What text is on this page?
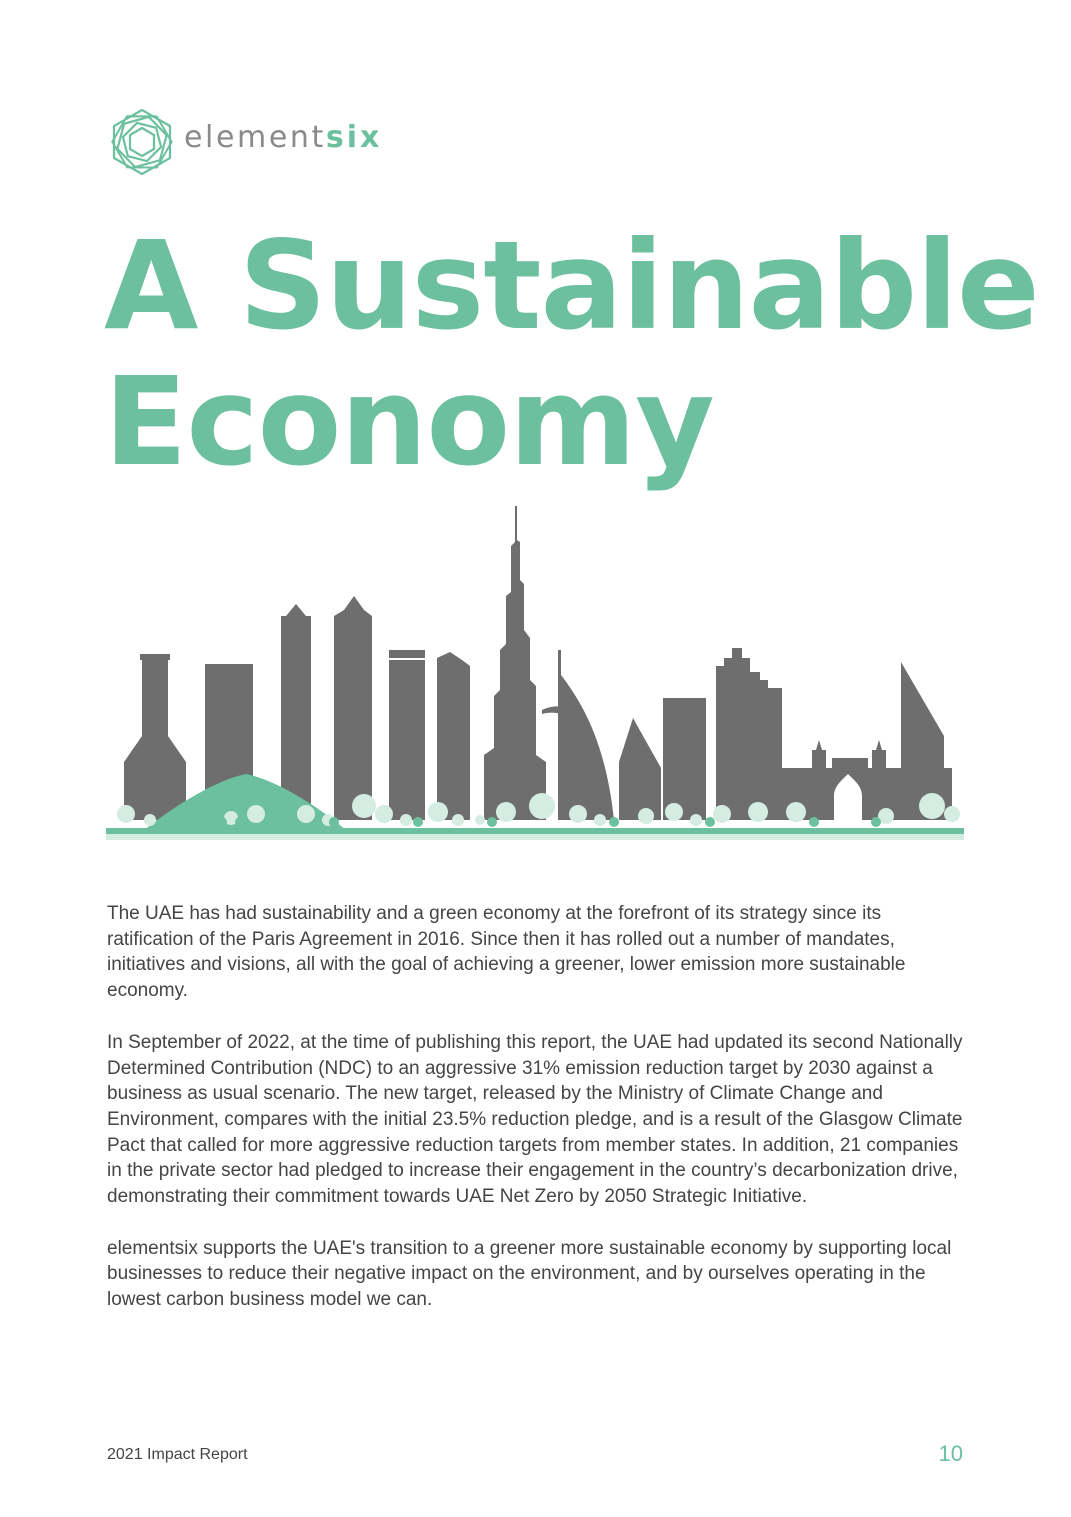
elementsix
A Sustainable
Economy

The UAE has had sustainability and a green economy at the forefront of its strategy since its ratification of the Paris Agreement in 2016. Since then it has rolled out a number of mandates, initiatives and visions, all with the goal of achieving a greener, lower emission more sustainable economy.

In September of 2022, at the time of publishing this report, the UAE had updated its second Nationally Determined Contribution (NDC) to an aggressive 31% emission reduction target by 2030 against a business as usual scenario. The new target, released by the Ministry of Climate Change and Environment, compares with the initial 23.5% reduction pledge, and is a result of the Glasgow Climate Pact that called for more aggressive reduction targets from member states. In addition, 21 companies in the private sector had pledged to increase their engagement in the country’s decarbonization drive, demonstrating their commitment towards UAE Net Zero by 2050 Strategic Initiative.

elementsix supports the UAE's transition to a greener more sustainable economy by supporting local businesses to reduce their negative impact on the environment, and by ourselves operating in the lowest carbon business model we can.

2021 Impact Report	10
